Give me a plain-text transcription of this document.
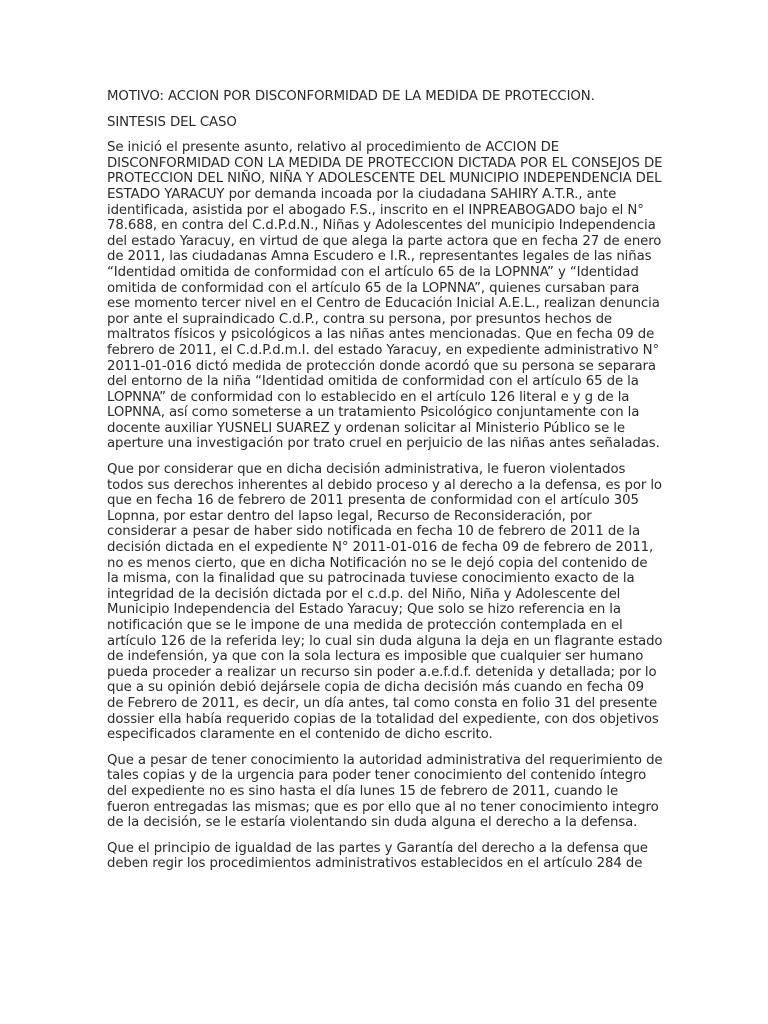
MOTIVO: ACCION POR DISCONFORMIDAD DE LA MEDIDA DE PROTECCION.

SINTESIS DEL CASO

Se inició el presente asunto, relativo al procedimiento de ACCION DE DISCONFORMIDAD CON LA MEDIDA DE PROTECCION DICTADA POR EL CONSEJOS DE PROTECCION DEL NIÑO, NIÑA Y ADOLESCENTE DEL MUNICIPIO INDEPENDENCIA DEL ESTADO YARACUY por demanda incoada por la ciudadana SAHIRY A.T.R., ante identificada, asistida por el abogado F.S., inscrito en el INPREABOGADO bajo el N° 78.688, en contra del C.d.P.d.N., Niñas y Adolescentes del municipio Independencia del estado Yaracuy, en virtud de que alega la parte actora que en fecha 27 de enero de 2011, las ciudadanas Amna Escudero e I.R., representantes legales de las niñas “Identidad omitida de conformidad con el artículo 65 de la LOPNNA” y “Identidad omitida de conformidad con el artículo 65 de la LOPNNA”, quienes cursaban para ese momento tercer nivel en el Centro de Educación Inicial A.E.L., realizan denuncia por ante el supraindicado C.d.P., contra su persona, por presuntos hechos de maltratos físicos y psicológicos a las niñas antes mencionadas. Que en fecha 09 de febrero de 2011, el C.d.P.d.m.I. del estado Yaracuy, en expediente administrativo N° 2011-01-016 dictó medida de protección donde acordó que su persona se separara del entorno de la niña “Identidad omitida de conformidad con el artículo 65 de la LOPNNA” de conformidad con lo establecido en el artículo 126 literal e y g de la LOPNNA, así como someterse a un tratamiento Psicológico conjuntamente con la docente auxiliar YUSNELI SUAREZ y ordenan solicitar al Ministerio Público se le aperture una investigación por trato cruel en perjuicio de las niñas antes señaladas.

Que por considerar que en dicha decisión administrativa, le fueron violentados todos sus derechos inherentes al debido proceso y al derecho a la defensa, es por lo que en fecha 16 de febrero de 2011 presenta de conformidad con el artículo 305 Lopnna, por estar dentro del lapso legal, Recurso de Reconsideración, por considerar a pesar de haber sido notificada en fecha 10 de febrero de 2011 de la decisión dictada en el expediente N° 2011-01-016 de fecha 09 de febrero de 2011, no es menos cierto, que en dicha Notificación no se le dejó copia del contenido de la misma, con la finalidad que su patrocinada tuviese conocimiento exacto de la integridad de la decisión dictada por el c.d.p. del Niño, Niña y Adolescente del Municipio Independencia del Estado Yaracuy; Que solo se hizo referencia en la notificación que se le impone de una medida de protección contemplada en el artículo 126 de la referida ley; lo cual sin duda alguna la deja en un flagrante estado de indefensión, ya que con la sola lectura es imposible que cualquier ser humano pueda proceder a realizar un recurso sin poder a.e.f.d.f. detenida y detallada; por lo que a su opinión debió dejársele copia de dicha decisión más cuando en fecha 09 de Febrero de 2011, es decir, un día antes, tal como consta en folio 31 del presente dossier ella había requerido copias de la totalidad del expediente, con dos objetivos especificados claramente en el contenido de dicho escrito.

Que a pesar de tener conocimiento la autoridad administrativa del requerimiento de tales copias y de la urgencia para poder tener conocimiento del contenido íntegro del expediente no es sino hasta el día lunes 15 de febrero de 2011, cuando le fueron entregadas las mismas; que es por ello que al no tener conocimiento integro de la decisión, se le estaría violentando sin duda alguna el derecho a la defensa.

Que el principio de igualdad de las partes y Garantía del derecho a la defensa que deben regir los procedimientos administrativos establecidos en el artículo 284 de
